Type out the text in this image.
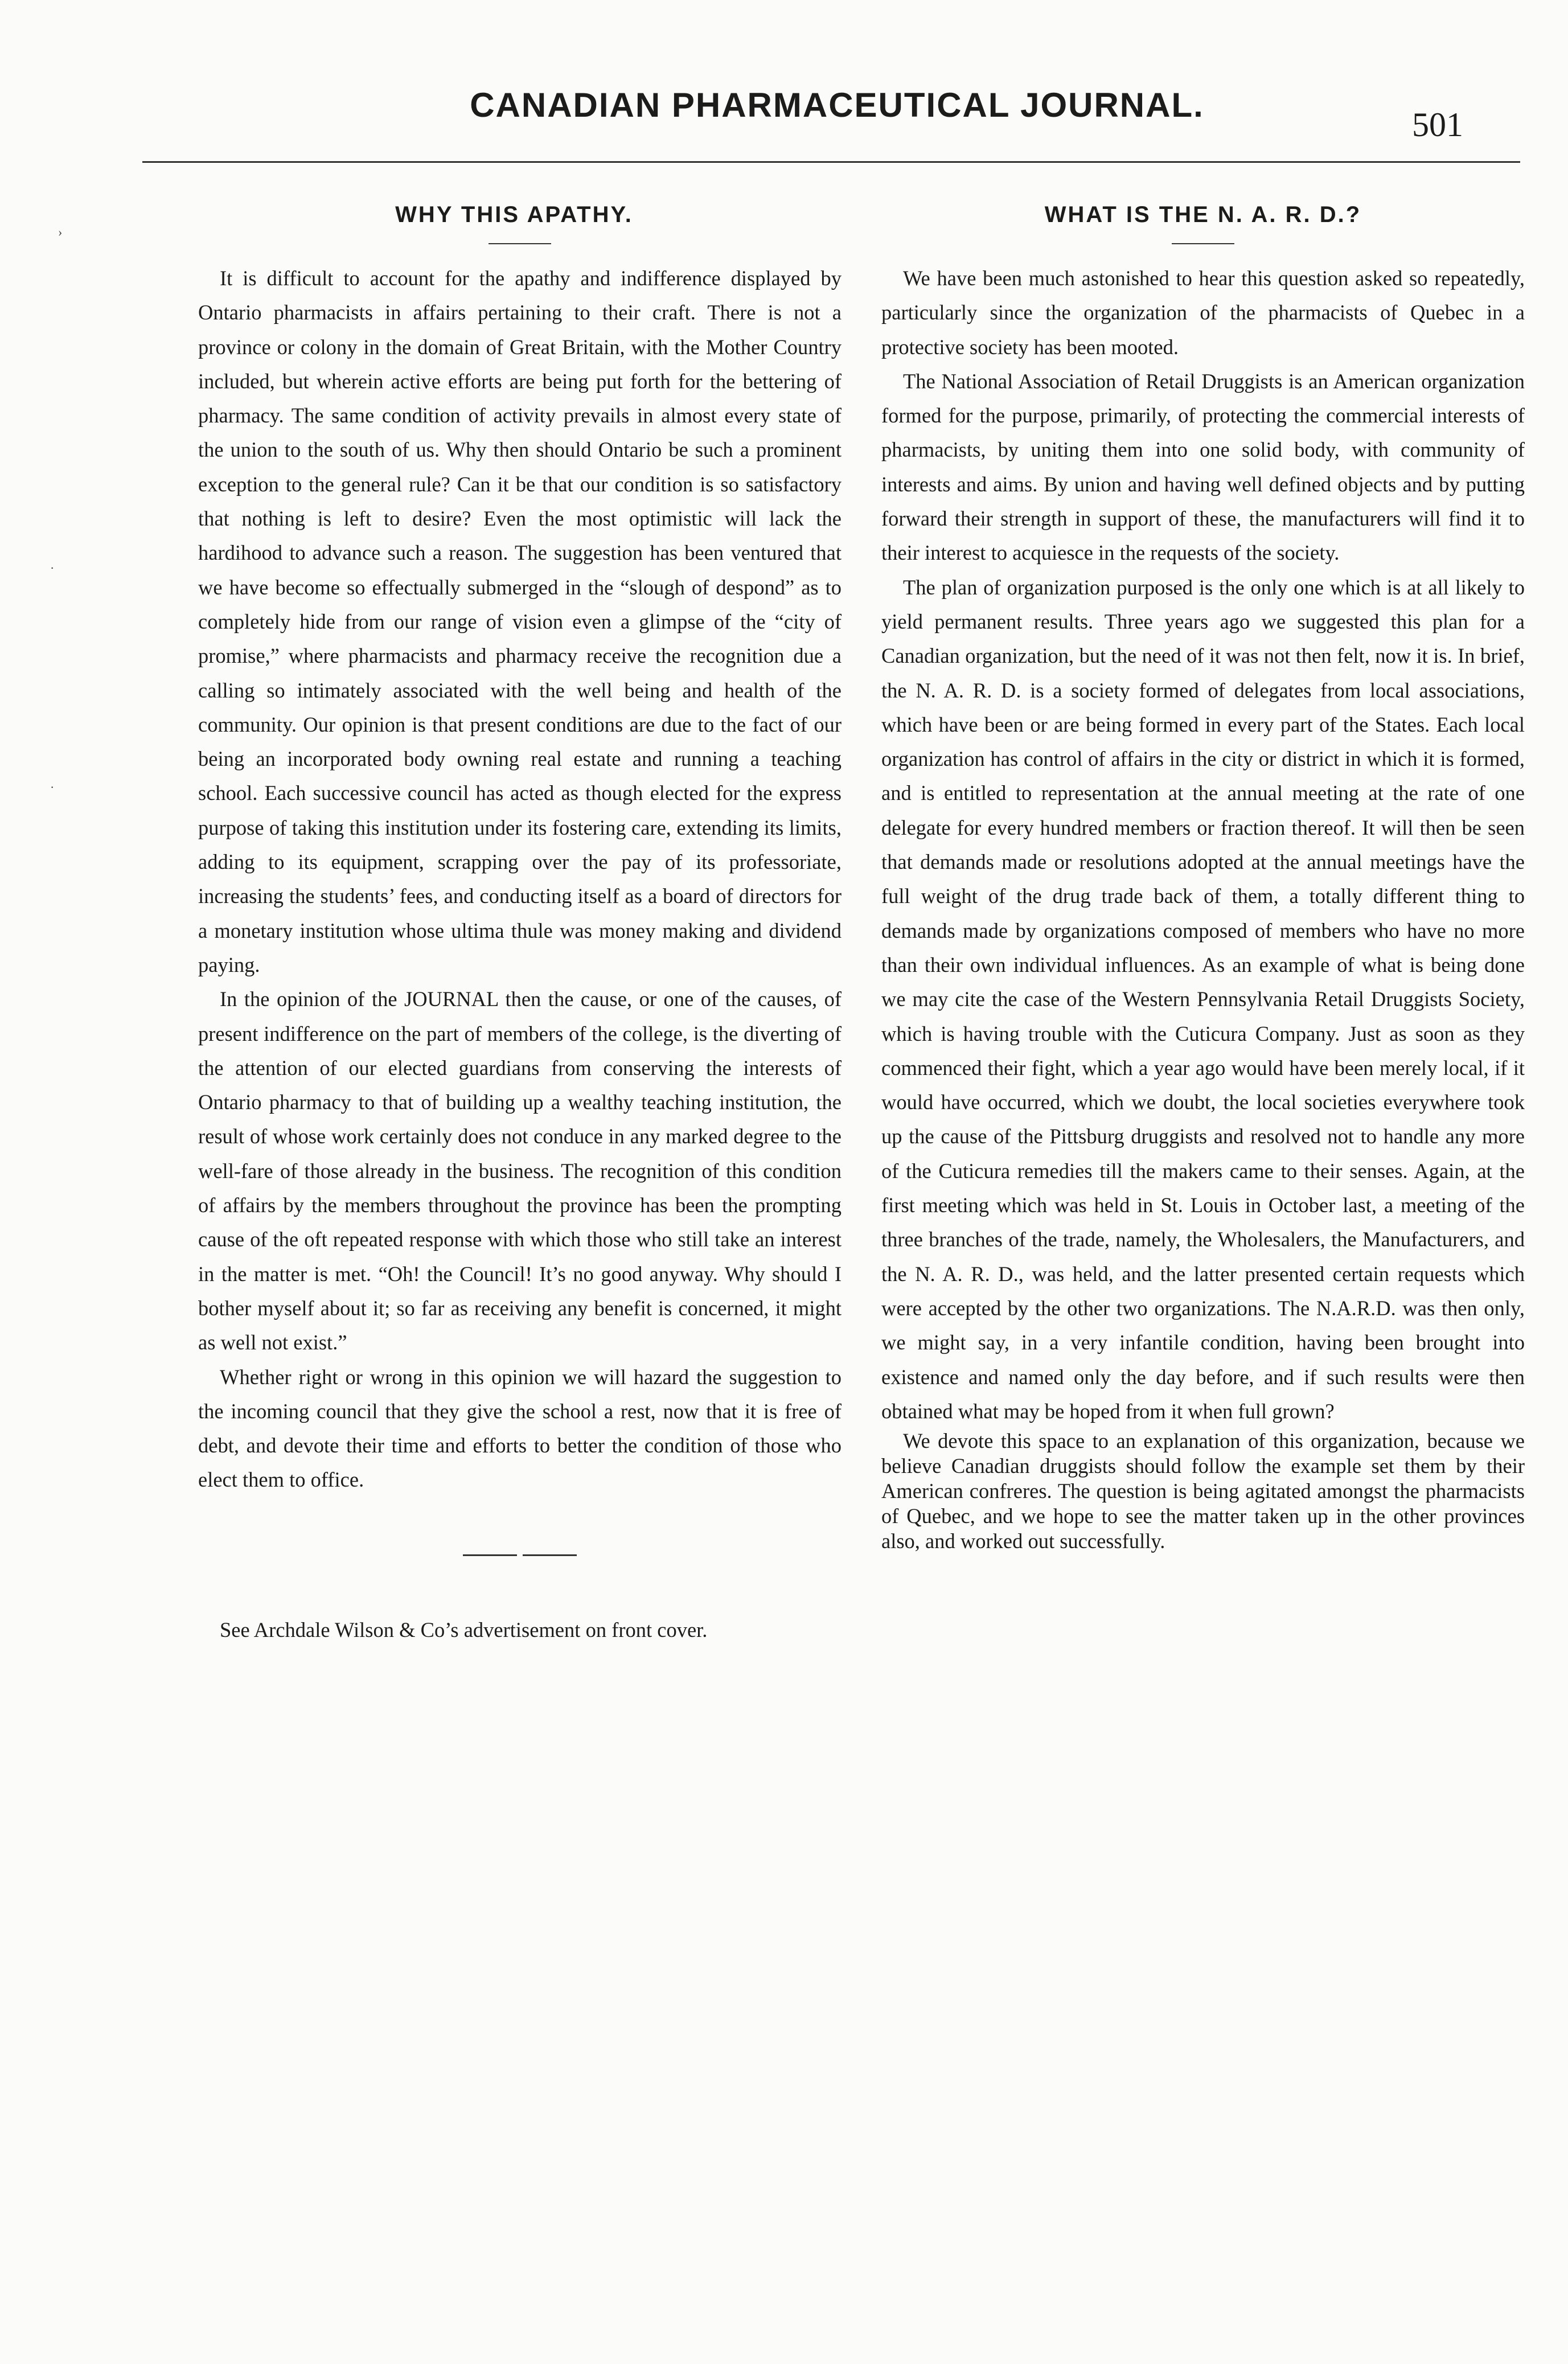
CANADIAN PHARMACEUTICAL JOURNAL.
501
›
·
·
WHY THIS APATHY.

It is difficult to account for the apathy and indifference displayed by Ontario pharmacists in affairs pertaining to their craft. There is not a province or colony in the domain of Great Britain, with the Mother Country included, but wherein active efforts are being put forth for the bettering of pharmacy. The same condition of activity prevails in almost every state of the union to the south of us. Why then should Ontario be such a prominent exception to the general rule? Can it be that our condition is so satisfactory that nothing is left to desire? Even the most optimistic will lack the hardihood to advance such a reason. The suggestion has been ventured that we have become so effectually submerged in the “slough of despond” as to completely hide from our range of vision even a glimpse of the “city of promise,” where pharmacists and pharmacy receive the recognition due a calling so intimately associated with the well being and health of the community. Our opinion is that present conditions are due to the fact of our being an incorporated body owning real estate and running a teaching school. Each successive council has acted as though elected for the express purpose of taking this institution under its fostering care, extending its limits, adding to its equipment, scrapping over the pay of its professoriate, increasing the students’ fees, and conducting itself as a board of directors for a monetary institution whose ultima thule was money making and dividend paying.

In the opinion of the JOURNAL then the cause, or one of the causes, of present indifference on the part of members of the college, is the diverting of the attention of our elected guardians from conserving the interests of Ontario pharmacy to that of building up a wealthy teaching institution, the result of whose work certainly does not conduce in any marked degree to the well-fare of those already in the business. The recognition of this condition of affairs by the members throughout the province has been the prompting cause of the oft repeated response with which those who still take an interest in the matter is met. “Oh! the Council! It’s no good anyway. Why should I bother myself about it; so far as receiving any benefit is concerned, it might as well not exist.”

Whether right or wrong in this opinion we will hazard the suggestion to the incoming council that they give the school a rest, now that it is free of debt, and devote their time and efforts to better the condition of those who elect them to office.

See Archdale Wilson & Co’s advertisement on front cover.

WHAT IS THE N. A. R. D.?

We have been much astonished to hear this question asked so repeatedly, particularly since the organization of the pharmacists of Quebec in a protective society has been mooted.

The National Association of Retail Druggists is an American organization formed for the purpose, primarily, of protecting the commercial interests of pharmacists, by uniting them into one solid body, with community of interests and aims. By union and having well defined objects and by putting forward their strength in support of these, the manufacturers will find it to their interest to acquiesce in the requests of the society.

The plan of organization purposed is the only one which is at all likely to yield permanent results. Three years ago we suggested this plan for a Canadian organization, but the need of it was not then felt, now it is. In brief, the N. A. R. D. is a society formed of delegates from local associations, which have been or are being formed in every part of the States. Each local organization has control of affairs in the city or district in which it is formed, and is entitled to representation at the annual meeting at the rate of one delegate for every hundred members or fraction thereof. It will then be seen that demands made or resolutions adopted at the annual meetings have the full weight of the drug trade back of them, a totally different thing to demands made by organizations composed of members who have no more than their own individual influences. As an example of what is being done we may cite the case of the Western Pennsylvania Retail Druggists Society, which is having trouble with the Cuticura Company. Just as soon as they commenced their fight, which a year ago would have been merely local, if it would have occurred, which we doubt, the local societies everywhere took up the cause of the Pittsburg druggists and resolved not to handle any more of the Cuticura remedies till the makers came to their senses. Again, at the first meeting which was held in St. Louis in October last, a meeting of the three branches of the trade, namely, the Wholesalers, the Manufacturers, and the N. A. R. D., was held, and the latter presented certain requests which were accepted by the other two organizations. The N.A.R.D. was then only, we might say, in a very infantile condition, having been brought into existence and named only the day before, and if such results were then obtained what may be hoped from it when full grown?

We devote this space to an explanation of this organization, because we believe Canadian druggists should follow the example set them by their American confreres. The question is being agitated amongst the pharmacists of Quebec, and we hope to see the matter taken up in the other provinces also, and worked out successfully.
